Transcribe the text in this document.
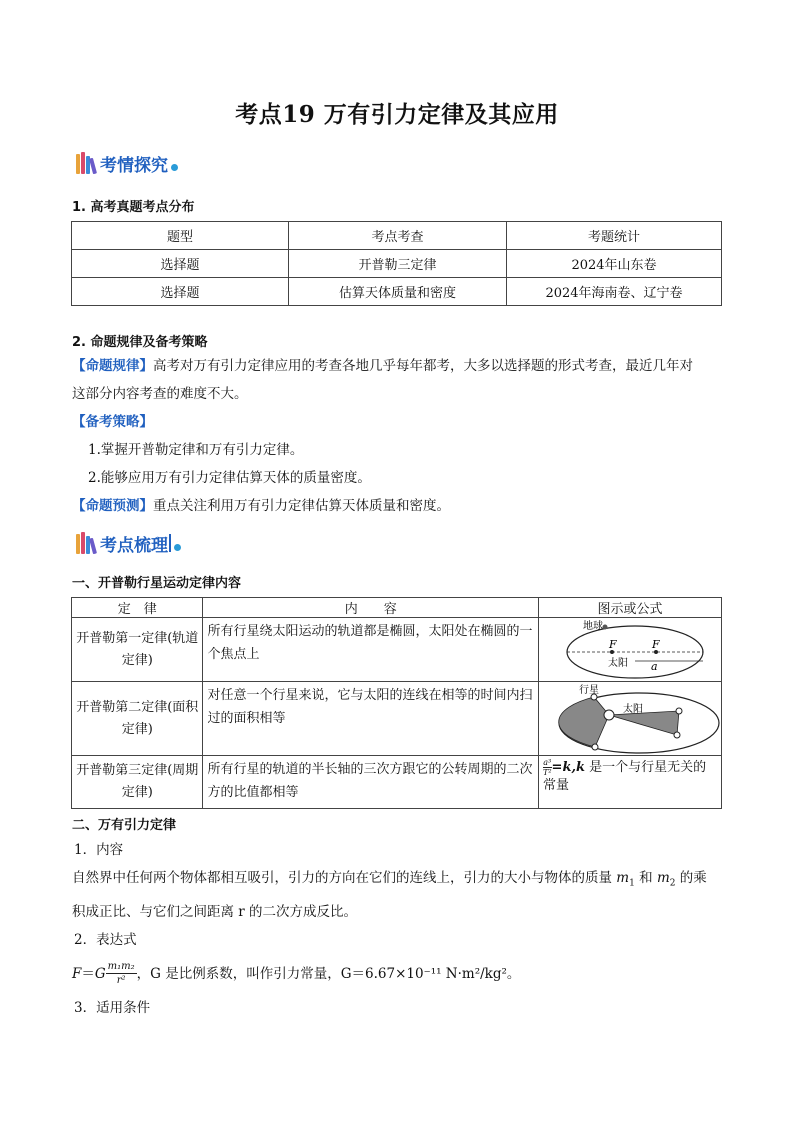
考点19 万有引力定律及其应用
考情探究
1. 高考真题考点分布
题型	考点考查	考题统计
选择题	开普勒三定律	2024年山东卷
选择题	估算天体质量和密度	2024年海南卷、辽宁卷
2. 命题规律及备考策略
【命题规律】高考对万有引力定律应用的考查各地几乎每年都考，大多以选择题的形式考查，最近几年对
这部分内容考查的难度不大。
【备考策略】
1.掌握开普勒定律和万有引力定律。
2.能够应用万有引力定律估算天体的质量密度。
【命题预测】重点关注利用万有引力定律估算天体质量和密度。
考点梳理
一、开普勒行星运动定律内容
定　律	内　　容	图示或公式
开普勒第一定律(轨道定律)	所有行星绕太阳运动的轨道都是椭圆，太阳处在椭圆的一个焦点上	地球
F F
太阳 a

开普勒第二定律(面积定律)	对任意一个行星来说，它与太阳的连线在相等的时间内扫过的面积相等	行星
太阳

开普勒第三定律(周期定律)	所有行星的轨道的半长轴的三次方跟它的公转周期的二次方的比值都相等	$\frac{\text{a³}}{\text{T²}} =k,k$ 是一个与行星无关的
常量
二、万有引力定律
1．内容
自然界中任何两个物体都相互吸引，引力的方向在它们的连线上，引力的大小与物体的质量 $m_1$ 和 $m_2$ 的乘
积成正比、与它们之间距离 r 的二次方成反比。
2．表达式
F ＝ G m₁m₂
r² ，G 是比例系数，叫作引力常量，G＝6.67×10⁻¹¹ N·m²/kg²。
3．适用条件
